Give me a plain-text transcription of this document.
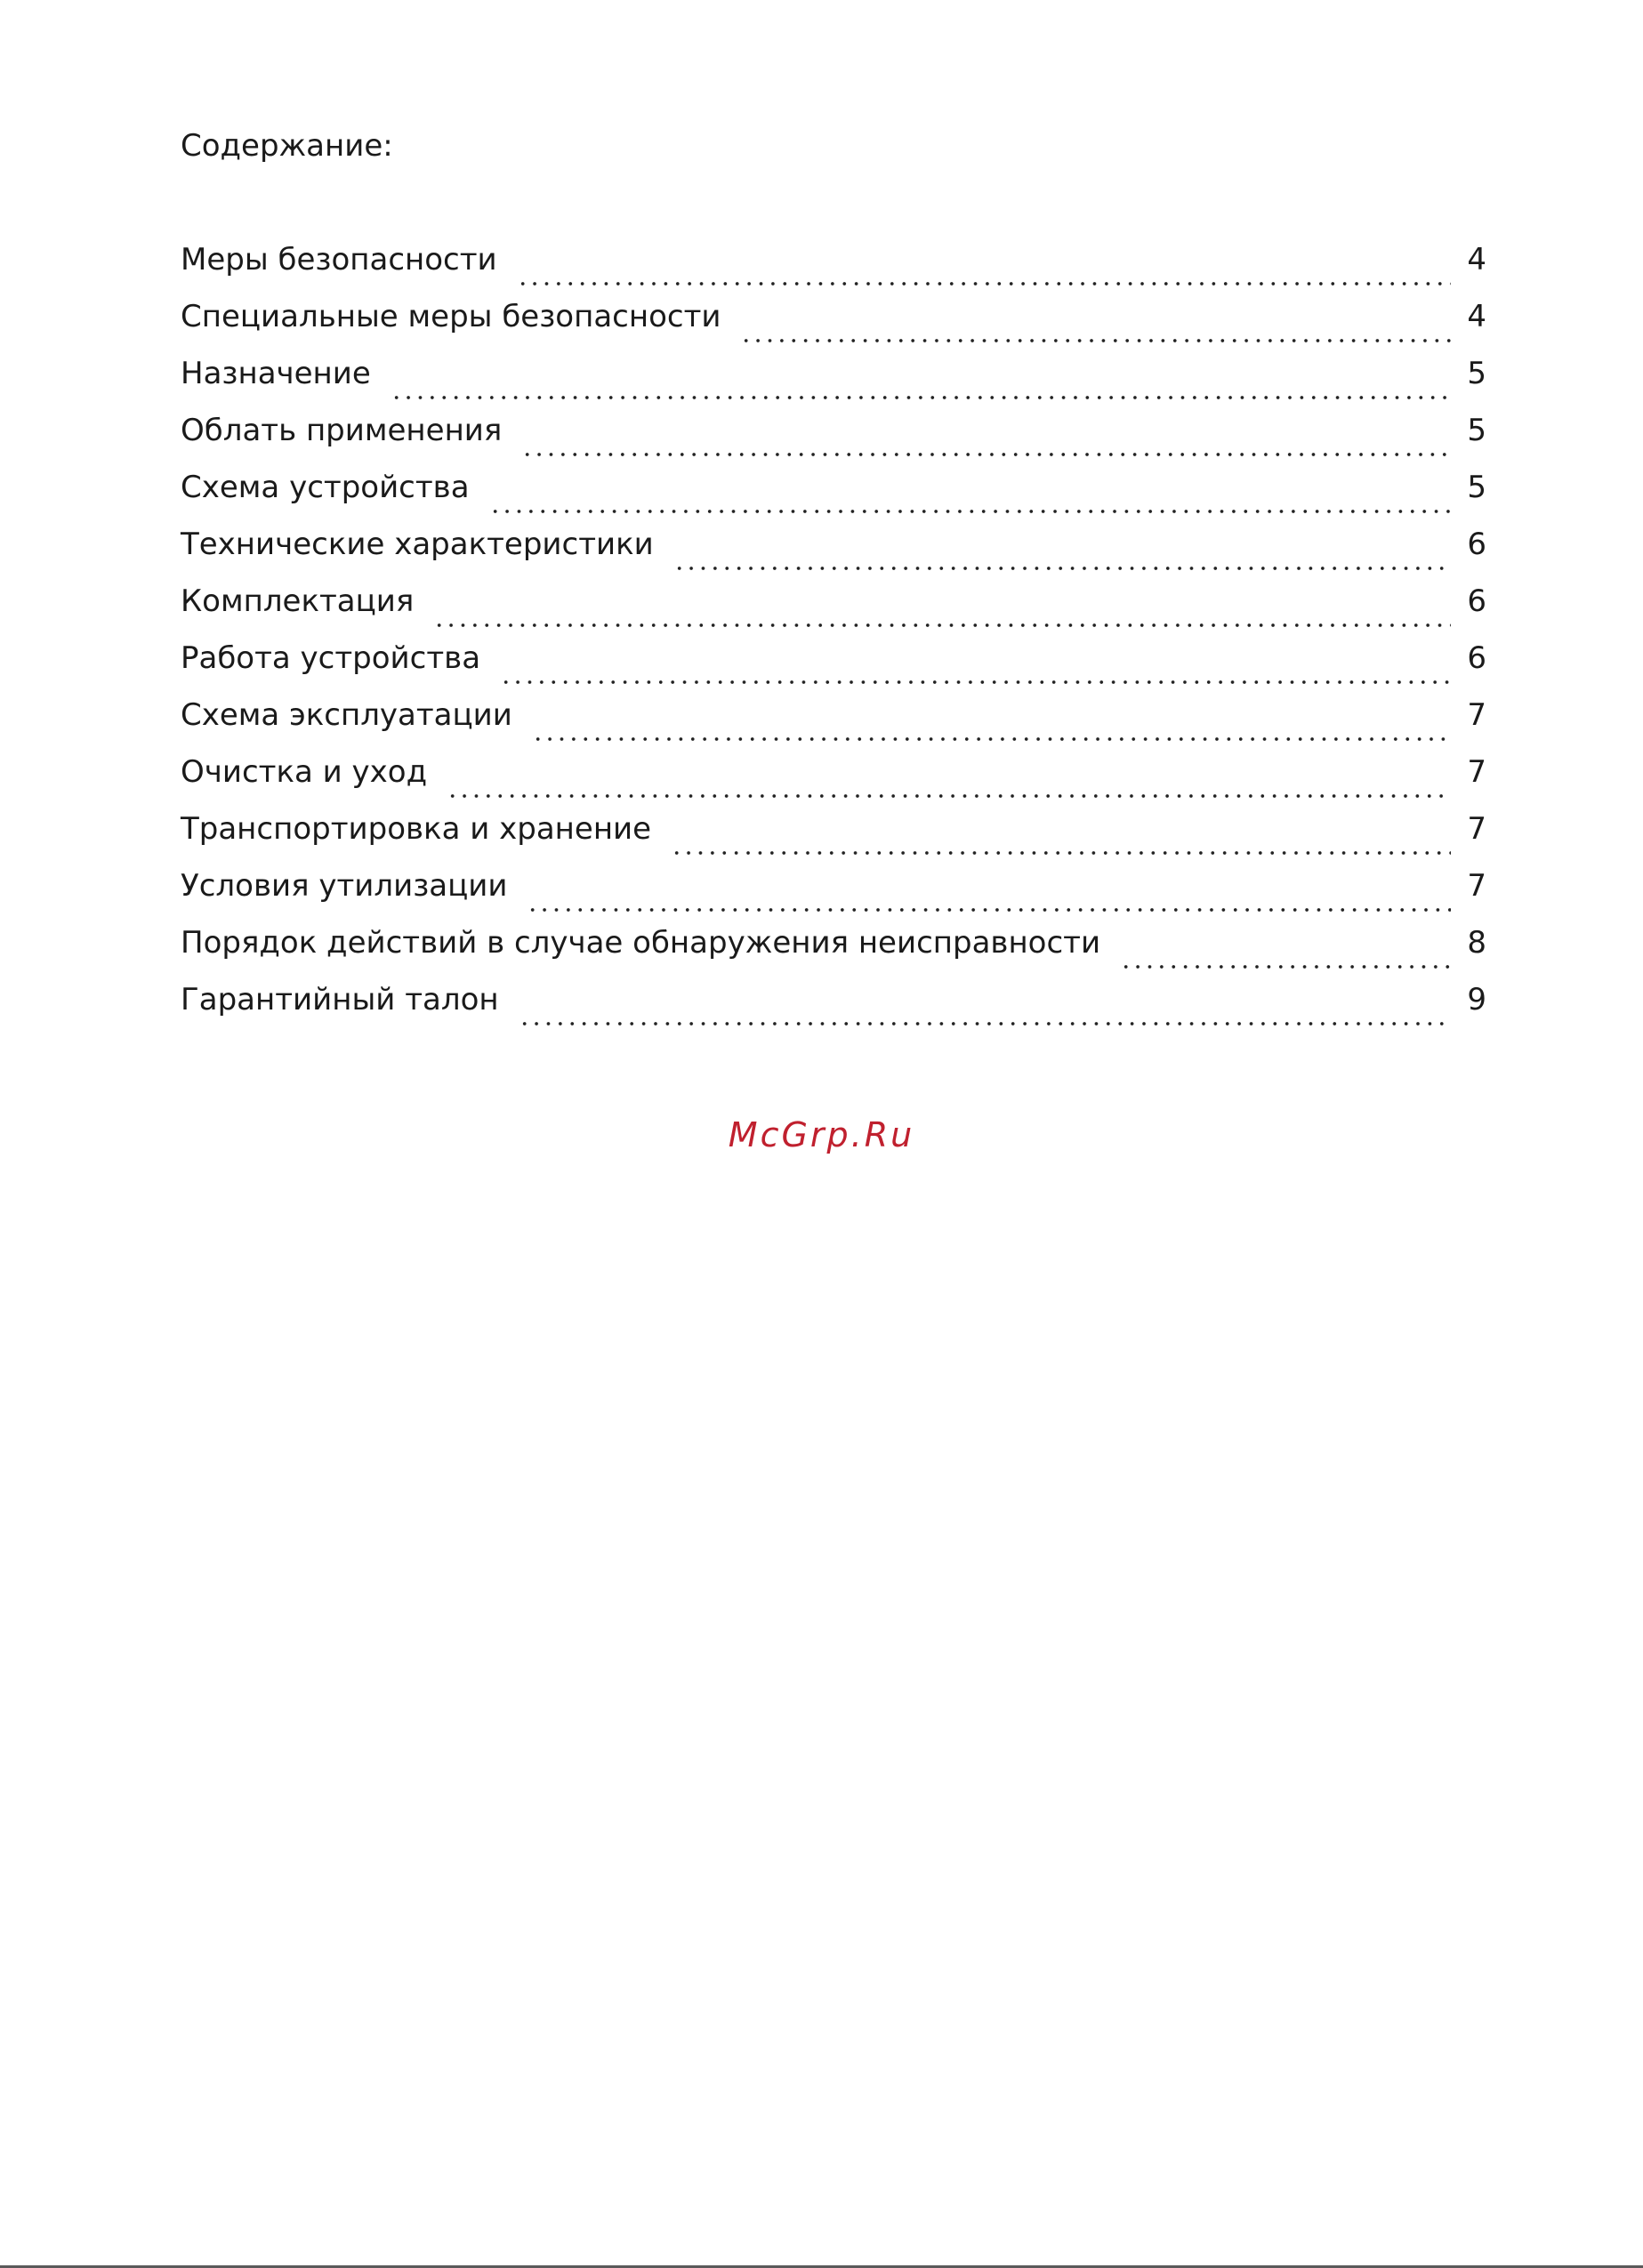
Содержание:
Меры безопасности	4
Специальные меры безопасности	4
Назначение	5
Облать применения	5
Схема устройства	5
Технические характеристики	6
Комплектация	6
Работа устройства	6
Схема эксплуатации	7
Очистка и уход	7
Транспортировка и хранение	7
Условия утилизации	7
Порядок действий в случае обнаружения неисправности	8
Гарантийный талон	9
McGrp.Ru
